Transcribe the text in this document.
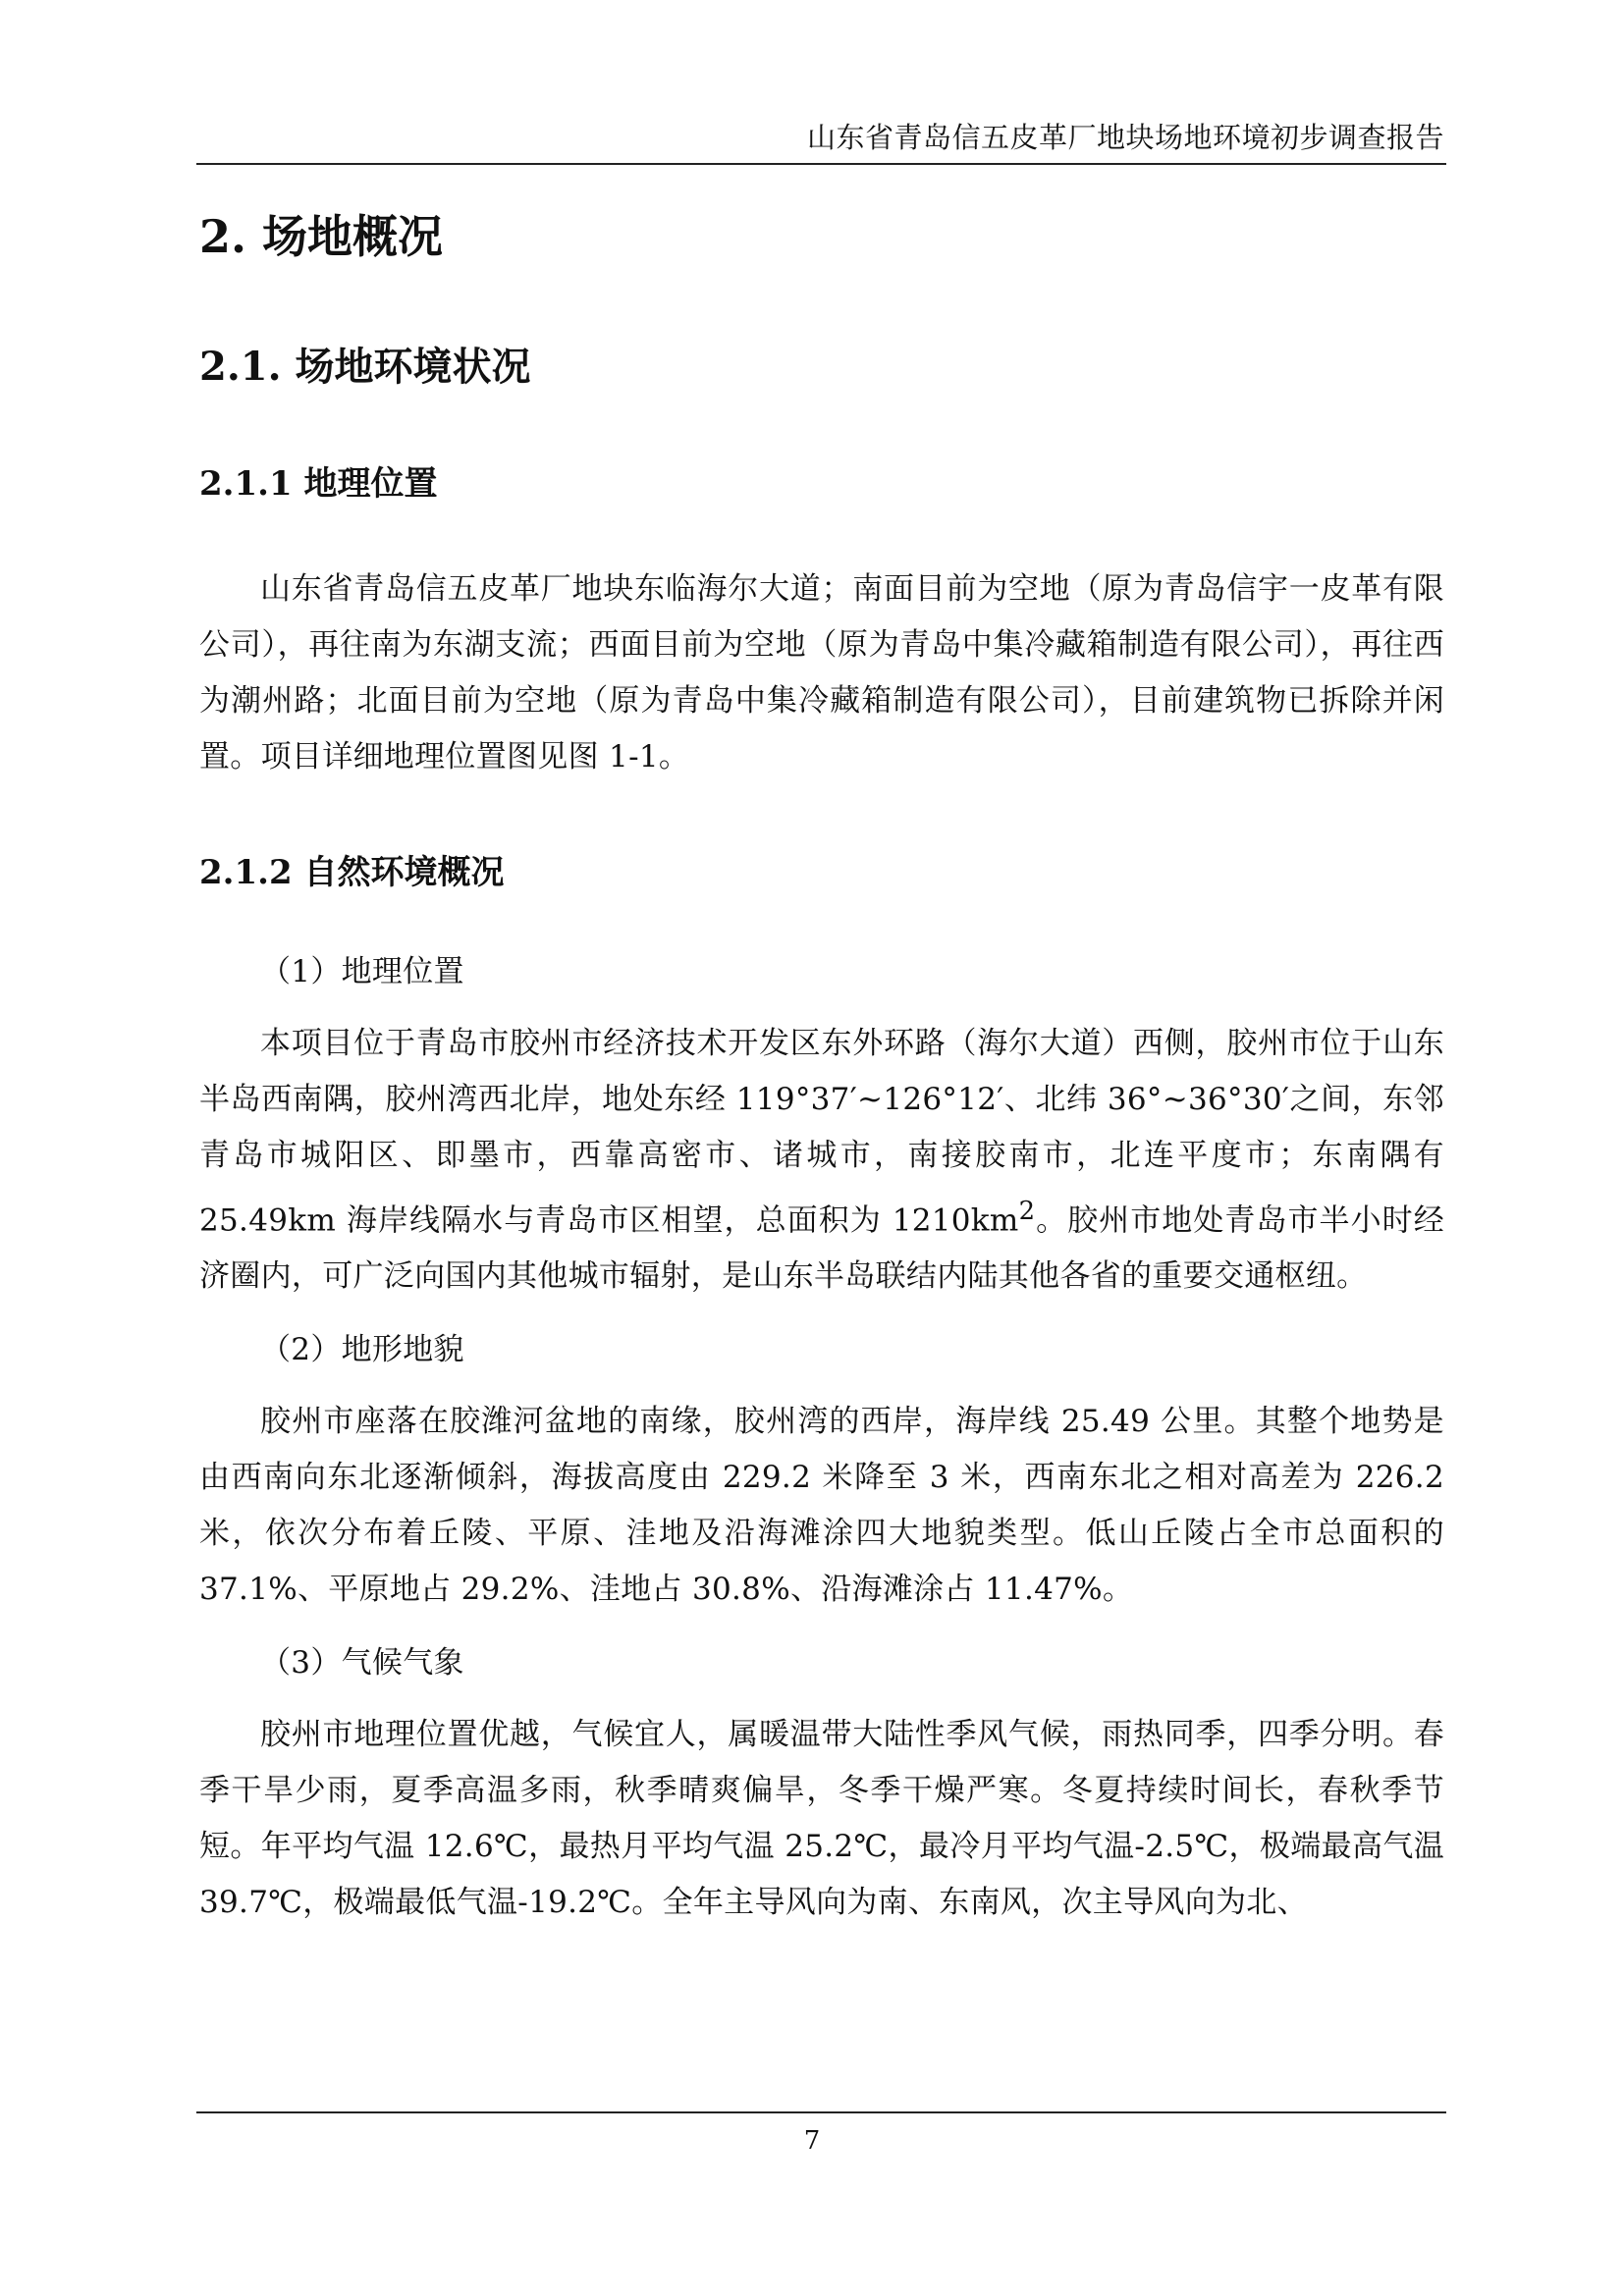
山东省青岛信五皮革厂地块场地环境初步调查报告
2. 场地概况
2.1. 场地环境状况
2.1.1 地理位置

山东省青岛信五皮革厂地块东临海尔大道；南面目前为空地（原为青岛信宇一皮革有限公司），再往南为东湖支流；西面目前为空地（原为青岛中集冷藏箱制造有限公司），再往西为潮州路；北面目前为空地（原为青岛中集冷藏箱制造有限公司），目前建筑物已拆除并闲置。项目详细地理位置图见图 1-1。

2.1.2 自然环境概况

（1）地理位置

本项目位于青岛市胶州市经济技术开发区东外环路（海尔大道）西侧，胶州市位于山东半岛西南隅，胶州湾西北岸，地处东经 119°37′~126°12′、北纬 36°~36°30′之间，东邻青岛市城阳区、即墨市，西靠高密市、诸城市，南接胶南市，北连平度市；东南隅有 25.49km 海岸线隔水与青岛市区相望，总面积为 $1210km^2$。胶州市地处青岛市半小时经济圈内，可广泛向国内其他城市辐射，是山东半岛联结内陆其他各省的重要交通枢纽。

（2）地形地貌

胶州市座落在胶潍河盆地的南缘，胶州湾的西岸，海岸线 25.49 公里。其整个地势是由西南向东北逐渐倾斜，海拔高度由 229.2 米降至 3 米，西南东北之相对高差为 226.2 米，依次分布着丘陵、平原、洼地及沿海滩涂四大地貌类型。低山丘陵占全市总面积的 37.1%、平原地占 29.2%、洼地占 30.8%、沿海滩涂占 11.47%。

（3）气候气象

胶州市地理位置优越，气候宜人，属暖温带大陆性季风气候，雨热同季，四季分明。春季干旱少雨，夏季高温多雨，秋季晴爽偏旱，冬季干燥严寒。冬夏持续时间长，春秋季节短。年平均气温 12.6℃，最热月平均气温 25.2℃，最冷月平均气温-2.5℃，极端最高气温 39.7℃，极端最低气温-19.2℃。全年主导风向为南、东南风，次主导风向为北、

7
